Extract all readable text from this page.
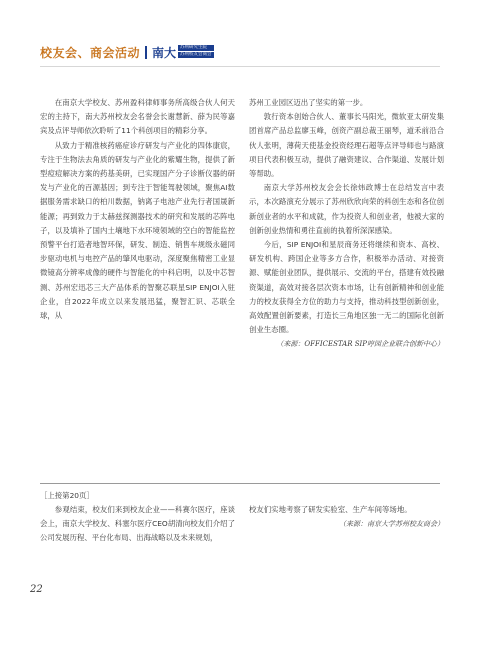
校友会、商会活动 南大 苏州研究生院
苏州校友会商会

在南京大学校友、苏州盈科律师事务所高级合伙人何天宏的主持下，南大苏州校友会名誉会长谢慧新、薛为民等嘉宾及点评导师依次聆听了11个科创项目的精彩分享。

从致力于精准核药癌症诊疗研发与产业化的四体康宸，专注于生物法去角质的研发与产业化的紫耀生物，提供了新型痘痘解决方案的药基美研，已实现国产分子诊断仪器的研发与产业化的百源基因；到专注于智能驾驶领域，聚焦AI数据服务需求缺口的柏川数据，钠离子电池产业先行者国晟新能源；再到致力于太赫兹探测器技术的研究和发展的芯阵电子，以及填补了国内土壤地下水环境领域的空白的智能监控预警平台打造者地智环保，研发、制造、销售车规级永磁同步驱动电机与电控产品的肇风电驱动，深度聚焦精密工业显微镜高分辨率成像的硬件与智能化的中科启明，以及中芯智测、苏州宏迅芯三大产品体系的智聚芯联星SIP ENJOI入驻企业，自2022年成立以来发展迅猛，聚智汇识、芯联全球，从

苏州工业园区迈出了坚实的第一步。

敦行资本创始合伙人、董事长马阳光，微软亚太研发集团首席产品总监廖玉峰，创资产副总裁王丽琴，道禾前沿合伙人张明，薄荷天使基金投资经理石超等点评导师也与路演项目代表积极互动，提供了融资建议、合作渠道、发展计划等帮助。

南京大学苏州校友会会长徐炜政博士在总结发言中表示，本次路演充分展示了苏州欣欣向荣的科创生态和各位创新创业者的水平和成就，作为投资人和创业者，他被大家的创新创业热情和勇往直前的执着所深深感染。

今后，SIP ENJOI和星辰商务还将继续和资本、高校、研发机构、跨国企业等多方合作，积极举办活动、对接资源、赋能创业团队，提供展示、交流的平台，搭建有效投融资渠道，高效对接各层次资本市场，让有创新精神和创业能力的校友获得全方位的助力与支持，推动科技型创新创业，高效配置创新要素，打造长三角地区独一无二的国际化创新创业生态圈。

（来源：OFFICESTAR SIP哼园企业联合创新中心）

［上接第20页］

参观结束，校友们来到校友企业——科赛尔医疗，座谈会上，南京大学校友、科塞尔医疗CEO胡清向校友们介绍了公司发展历程、平台化布局、出海战略以及未来规划，

校友们实地考察了研发实验室、生产车间等场地。

（来源：南京大学苏州校友商会）

22
